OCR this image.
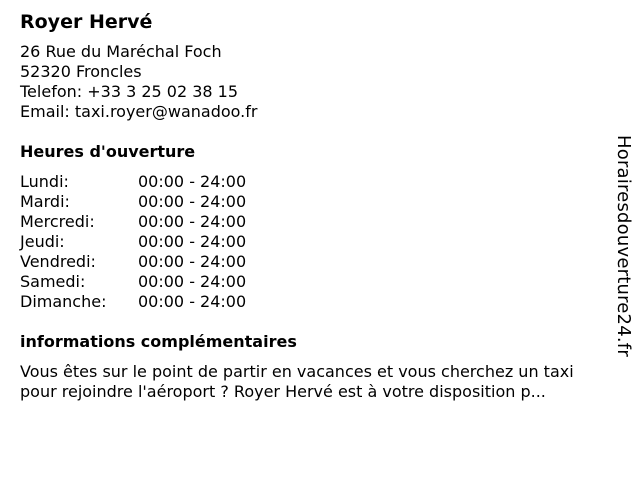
Royer Hervé
26 Rue du Maréchal Foch
52320 Froncles
Telefon: +33 3 25 02 38 15
Email: taxi.royer@wanadoo.fr
Heures d'ouverture
Lundi:	00:00 - 24:00
Mardi:	00:00 - 24:00
Mercredi:	00:00 - 24:00
Jeudi:	00:00 - 24:00
Vendredi:	00:00 - 24:00
Samedi:	00:00 - 24:00
Dimanche:	00:00 - 24:00
informations complémentaires
Vous êtes sur le point de partir en vacances et vous cherchez un taxi pour rejoindre l'aéroport ? Royer Hervé est à votre disposition p...
Horairesdouverture24.fr
